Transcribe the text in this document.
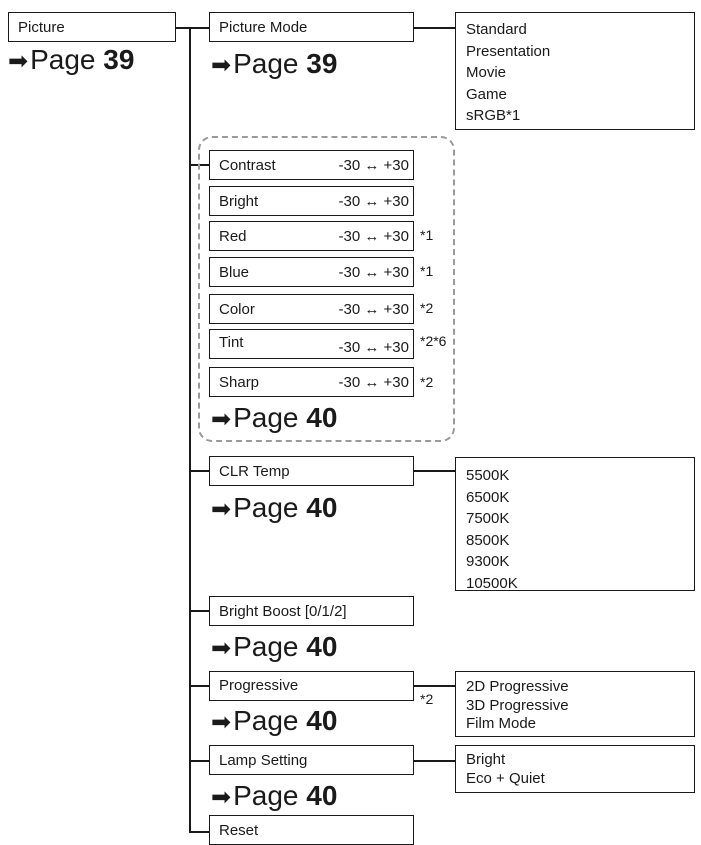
Picture
➡Page 39
Picture Mode
➡Page 39
Standard
Presentation
Movie
Game
sRGB*1
Contrast	-30 ↔ +30
Bright	-30 ↔ +30
Red	-30 ↔ +30 *1
Blue	-30 ↔ +30 *1
Color	-30 ↔ +30 *2
Tint	-30 ↔ +30 *2*6
Sharp	-30 ↔ +30 *2
➡Page 40
CLR Temp
➡Page 40
5500K
6500K
7500K
8500K
9300K
10500K
Bright Boost [0/1/2]
➡Page 40
Progressive
*2
➡Page 40
2D Progressive
3D Progressive
Film Mode
Lamp Setting
➡Page 40
Bright
Eco + Quiet
Reset
